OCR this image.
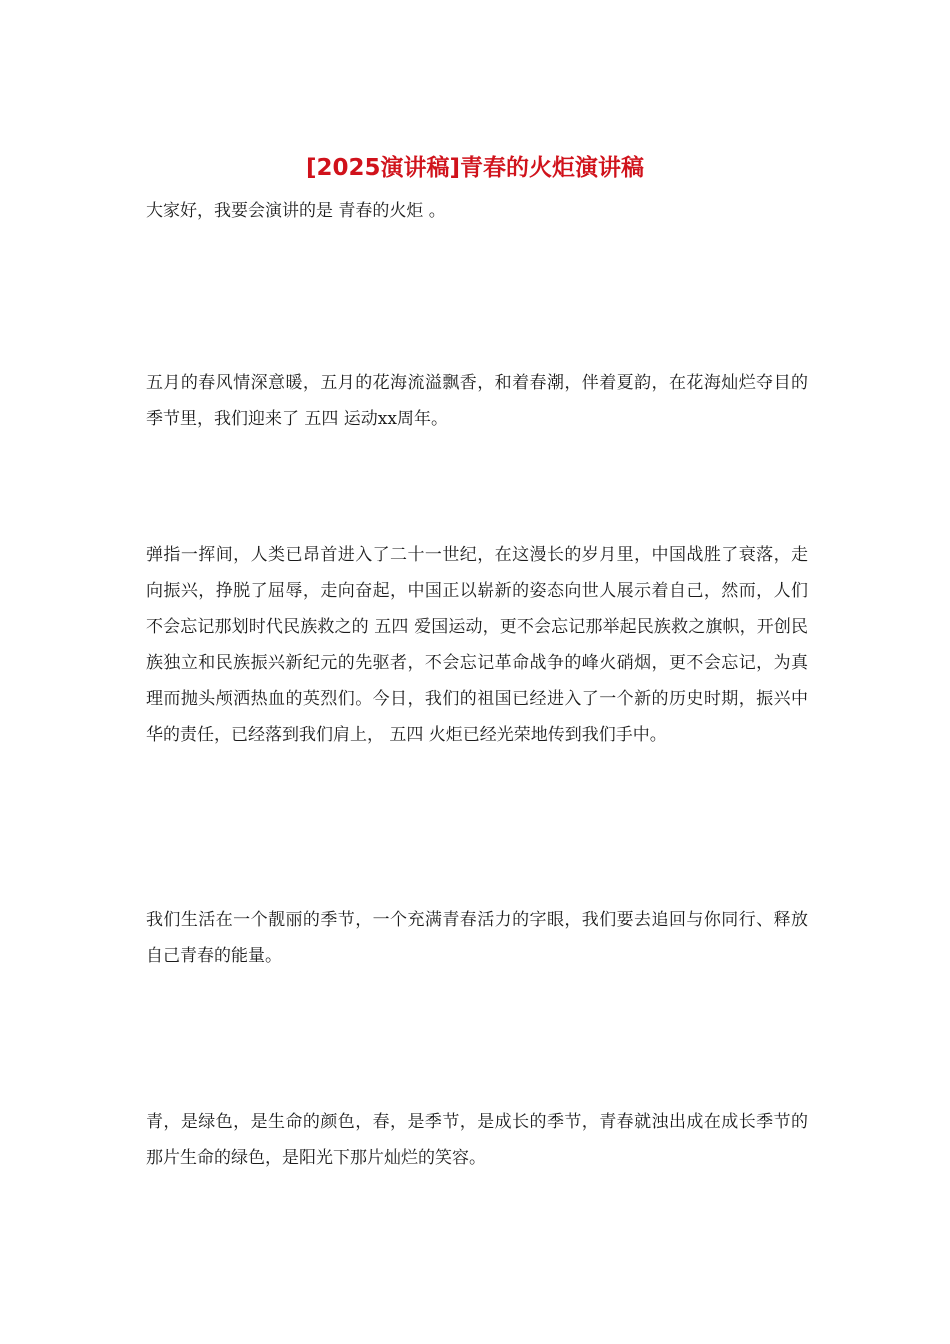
[2025演讲稿]青春的火炬演讲稿

大家好，我要会演讲的是 青春的火炬 。

五月的春风情深意暖，五月的花海流溢飘香，和着春潮，伴着夏韵，在花海灿烂夺目的季节里，我们迎来了 五四 运动xx周年。

弹指一挥间，人类已昂首进入了二十一世纪，在这漫长的岁月里，中国战胜了衰落，走向振兴，挣脱了屈辱，走向奋起，中国正以崭新的姿态向世人展示着自己，然而，人们不会忘记那划时代民族救之的 五四 爱国运动，更不会忘记那举起民族救之旗帜，开创民族独立和民族振兴新纪元的先驱者，不会忘记革命战争的峰火硝烟，更不会忘记，为真理而抛头颅洒热血的英烈们。今日，我们的祖国已经进入了一个新的历史时期，振兴中华的责任，已经落到我们肩上， 五四 火炬已经光荣地传到我们手中。

我们生活在一个靓丽的季节，一个充满青春活力的字眼，我们要去追回与你同行、释放自己青春的能量。

青，是绿色，是生命的颜色，春，是季节，是成长的季节，青春就浊出成在成长季节的那片生命的绿色，是阳光下那片灿烂的笑容。
